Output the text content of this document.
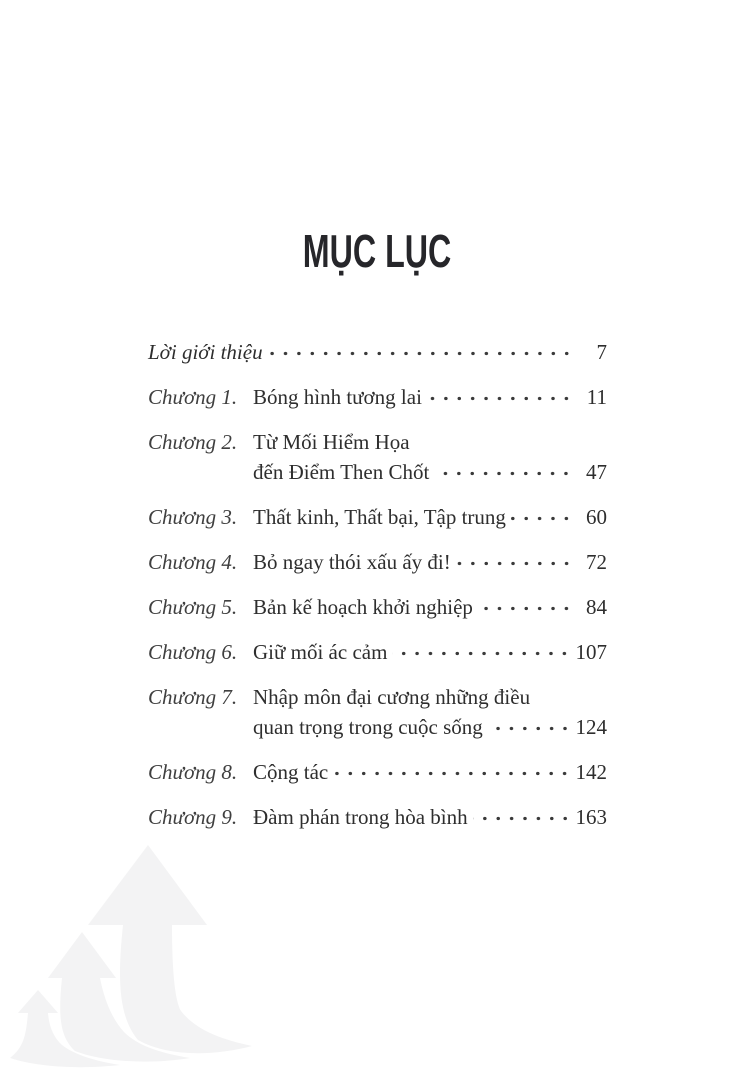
MỤC LỤC
Lời giới thiệu	7
Chương 1. Bóng hình tương lai	11
Chương 2. Từ Mối Hiểm Họa
đến Điểm Then Chốt	47
Chương 3. Thất kinh, Thất bại, Tập trung	60
Chương 4. Bỏ ngay thói xấu ấy đi!	72
Chương 5. Bản kế hoạch khởi nghiệp	84
Chương 6. Giữ mối ác cảm	107
Chương 7. Nhập môn đại cương những điều
quan trọng trong cuộc sống	124
Chương 8. Cộng tác	142
Chương 9. Đàm phán trong hòa bình	163
